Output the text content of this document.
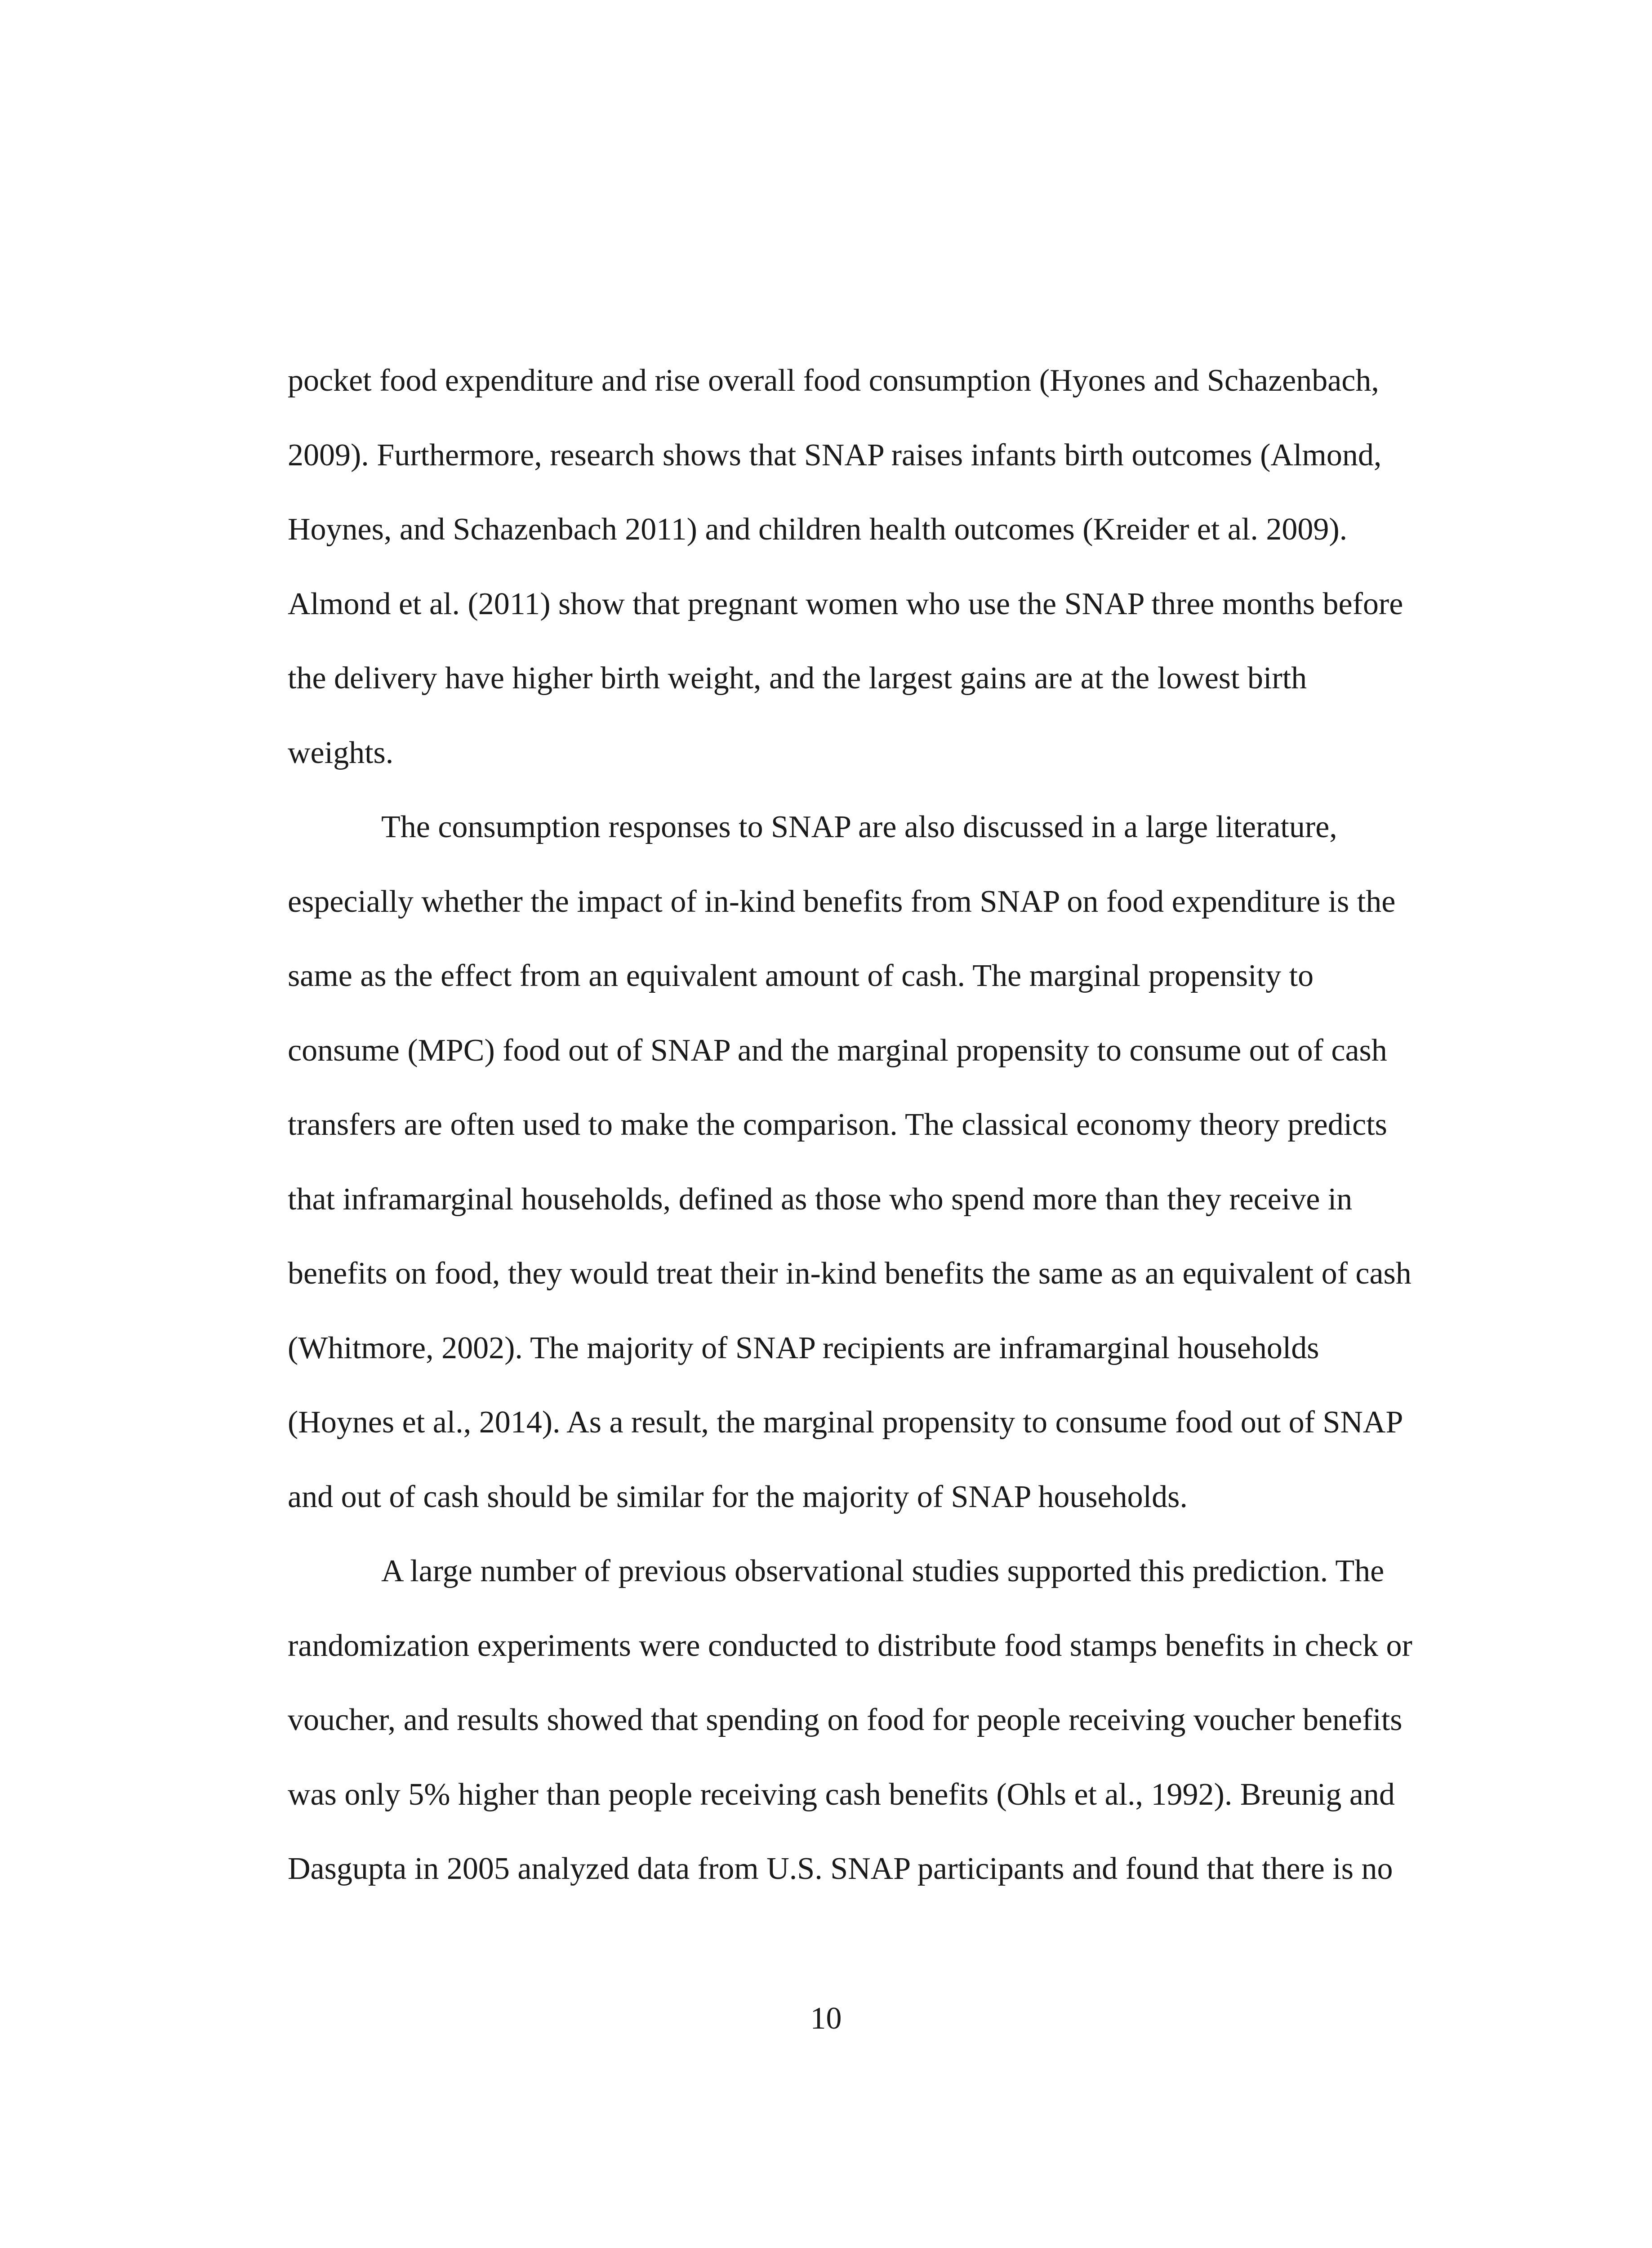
pocket food expenditure and rise overall food consumption (Hyones and Schazenbach,

2009). Furthermore, research shows that SNAP raises infants birth outcomes (Almond,

Hoynes, and Schazenbach 2011) and children health outcomes (Kreider et al. 2009).

Almond et al. (2011) show that pregnant women who use the SNAP three months before

the delivery have higher birth weight, and the largest gains are at the lowest birth

weights.

The consumption responses to SNAP are also discussed in a large literature,

especially whether the impact of in-kind benefits from SNAP on food expenditure is the

same as the effect from an equivalent amount of cash. The marginal propensity to

consume (MPC) food out of SNAP and the marginal propensity to consume out of cash

transfers are often used to make the comparison. The classical economy theory predicts

that inframarginal households, defined as those who spend more than they receive in

benefits on food, they would treat their in-kind benefits the same as an equivalent of cash

(Whitmore, 2002). The majority of SNAP recipients are inframarginal households

(Hoynes et al., 2014). As a result, the marginal propensity to consume food out of SNAP

and out of cash should be similar for the majority of SNAP households.

A large number of previous observational studies supported this prediction. The

randomization experiments were conducted to distribute food stamps benefits in check or

voucher, and results showed that spending on food for people receiving voucher benefits

was only 5% higher than people receiving cash benefits (Ohls et al., 1992). Breunig and

Dasgupta in 2005 analyzed data from U.S. SNAP participants and found that there is no

10
